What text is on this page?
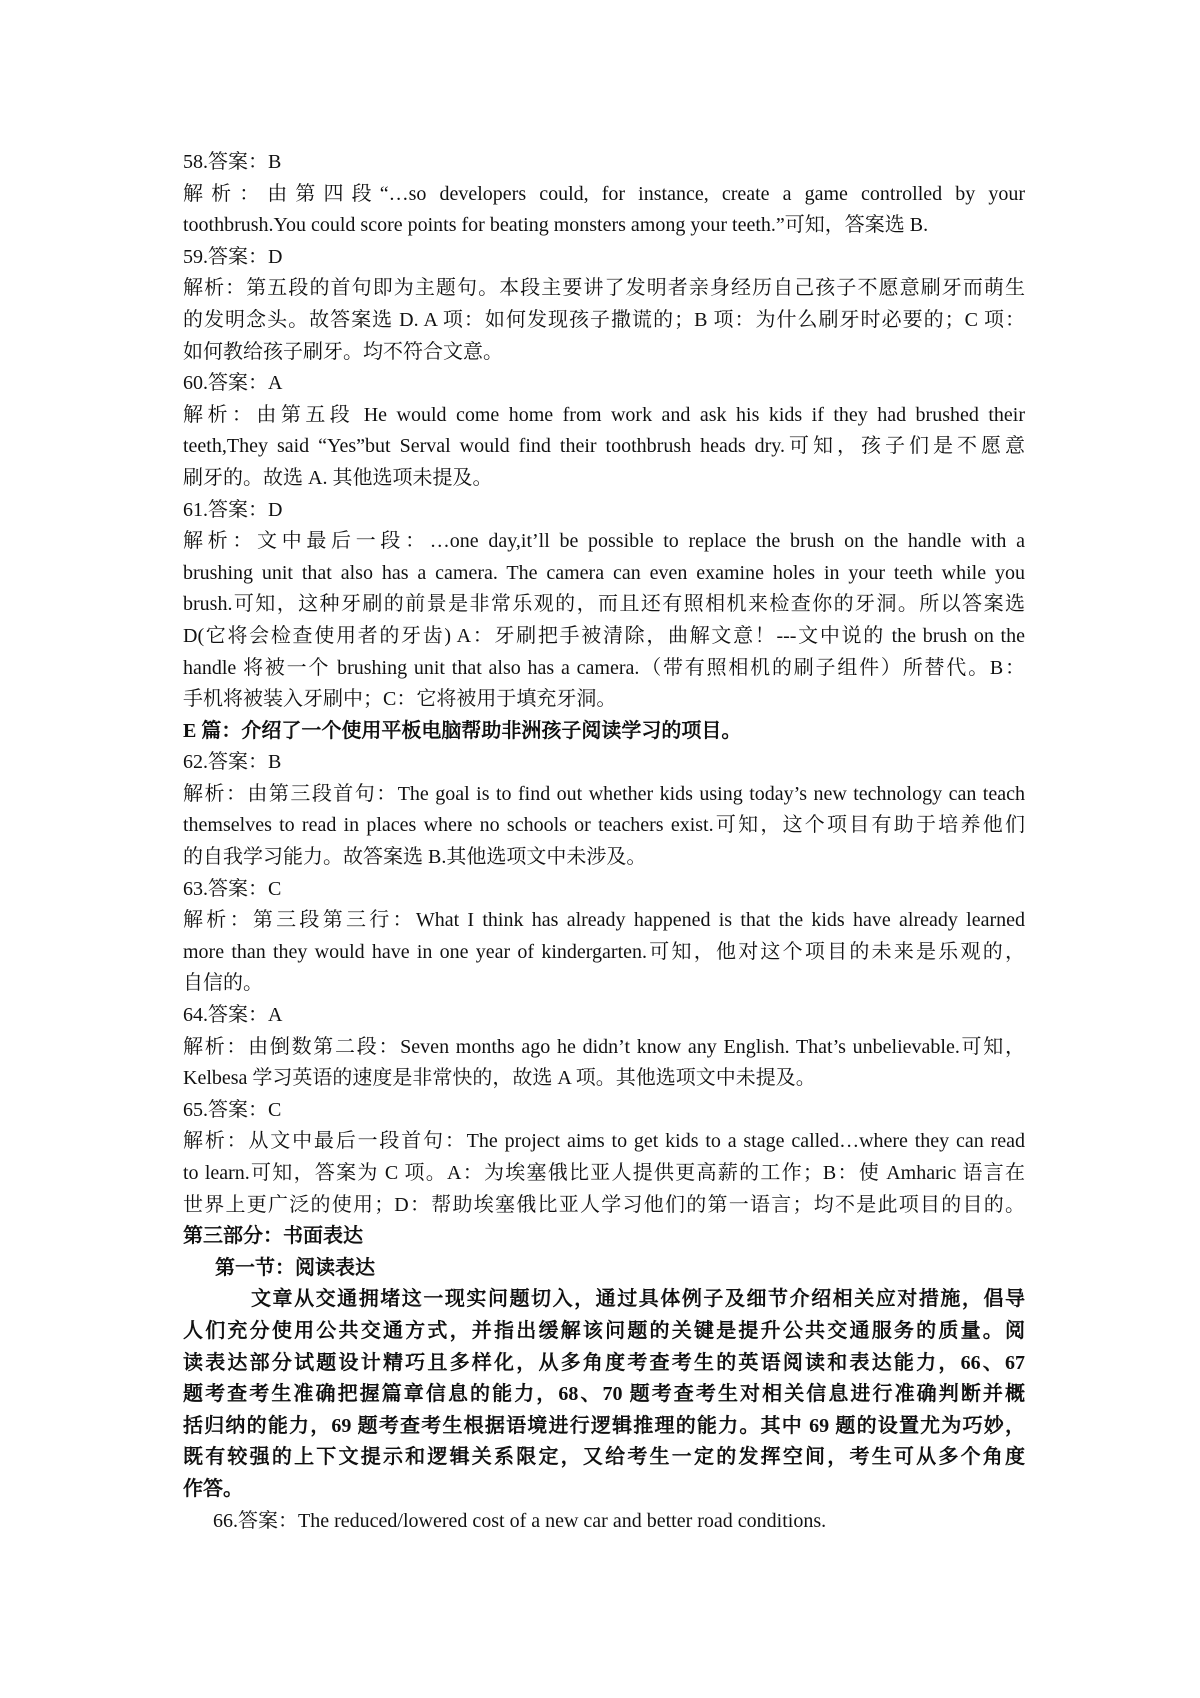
58.答案：B
解析：由第四段“…so developers could, for instance, create a game controlled by your
toothbrush.You could score points for beating monsters among your teeth.”可知，答案选 B.
59.答案：D
解析：第五段的首句即为主题句。本段主要讲了发明者亲身经历自己孩子不愿意刷牙而萌生
的发明念头。故答案选 D. A 项：如何发现孩子撒谎的；B 项：为什么刷牙时必要的；C 项：
如何教给孩子刷牙。均不符合文意。
60.答案：A
解析：由第五段 He would come home from work and ask his kids if they had brushed their
teeth,They said “Yes”but Serval would find their toothbrush heads dry.可知，孩子们是不愿意
刷牙的。故选 A. 其他选项未提及。
61.答案：D
解析：文中最后一段：…one day,it’ll be possible to replace the brush on the handle with a
brushing unit that also has a camera. The camera can even examine holes in your teeth while you
brush.可知，这种牙刷的前景是非常乐观的，而且还有照相机来检查你的牙洞。所以答案选
D(它将会检查使用者的牙齿) A：牙刷把手被清除，曲解文意！---文中说的 the brush on the
handle 将被一个 brushing unit that also has a camera.（带有照相机的刷子组件）所替代。B：
手机将被装入牙刷中；C：它将被用于填充牙洞。
E 篇：介绍了一个使用平板电脑帮助非洲孩子阅读学习的项目。
62.答案：B
解析：由第三段首句：The goal is to find out whether kids using today’s new technology can teach
themselves to read in places where no schools or teachers exist.可知，这个项目有助于培养他们
的自我学习能力。故答案选 B.其他选项文中未涉及。
63.答案：C
解析：第三段第三行：What I think has already happened is that the kids have already learned
more than they would have in one year of kindergarten.可知，他对这个项目的未来是乐观的，
自信的。
64.答案：A
解析：由倒数第二段：Seven months ago he didn’t know any English. That’s unbelievable.可知，
Kelbesa 学习英语的速度是非常快的，故选 A 项。其他选项文中未提及。
65.答案：C
解析：从文中最后一段首句：The project aims to get kids to a stage called…where they can read
to learn.可知，答案为 C 项。A：为埃塞俄比亚人提供更高薪的工作；B：使 Amharic 语言在
世界上更广泛的使用；D：帮助埃塞俄比亚人学习他们的第一语言；均不是此项目的目的。
第三部分：书面表达
第一节：阅读表达
文章从交通拥堵这一现实问题切入，通过具体例子及细节介绍相关应对措施，倡导
人们充分使用公共交通方式，并指出缓解该问题的关键是提升公共交通服务的质量。阅
读表达部分试题设计精巧且多样化，从多角度考查考生的英语阅读和表达能力，66、67
题考查考生准确把握篇章信息的能力，68、70 题考查考生对相关信息进行准确判断并概
括归纳的能力，69 题考查考生根据语境进行逻辑推理的能力。其中 69 题的设置尤为巧妙，
既有较强的上下文提示和逻辑关系限定，又给考生一定的发挥空间，考生可从多个角度
作答。
66.答案：The reduced/lowered cost of a new car and better road conditions.
